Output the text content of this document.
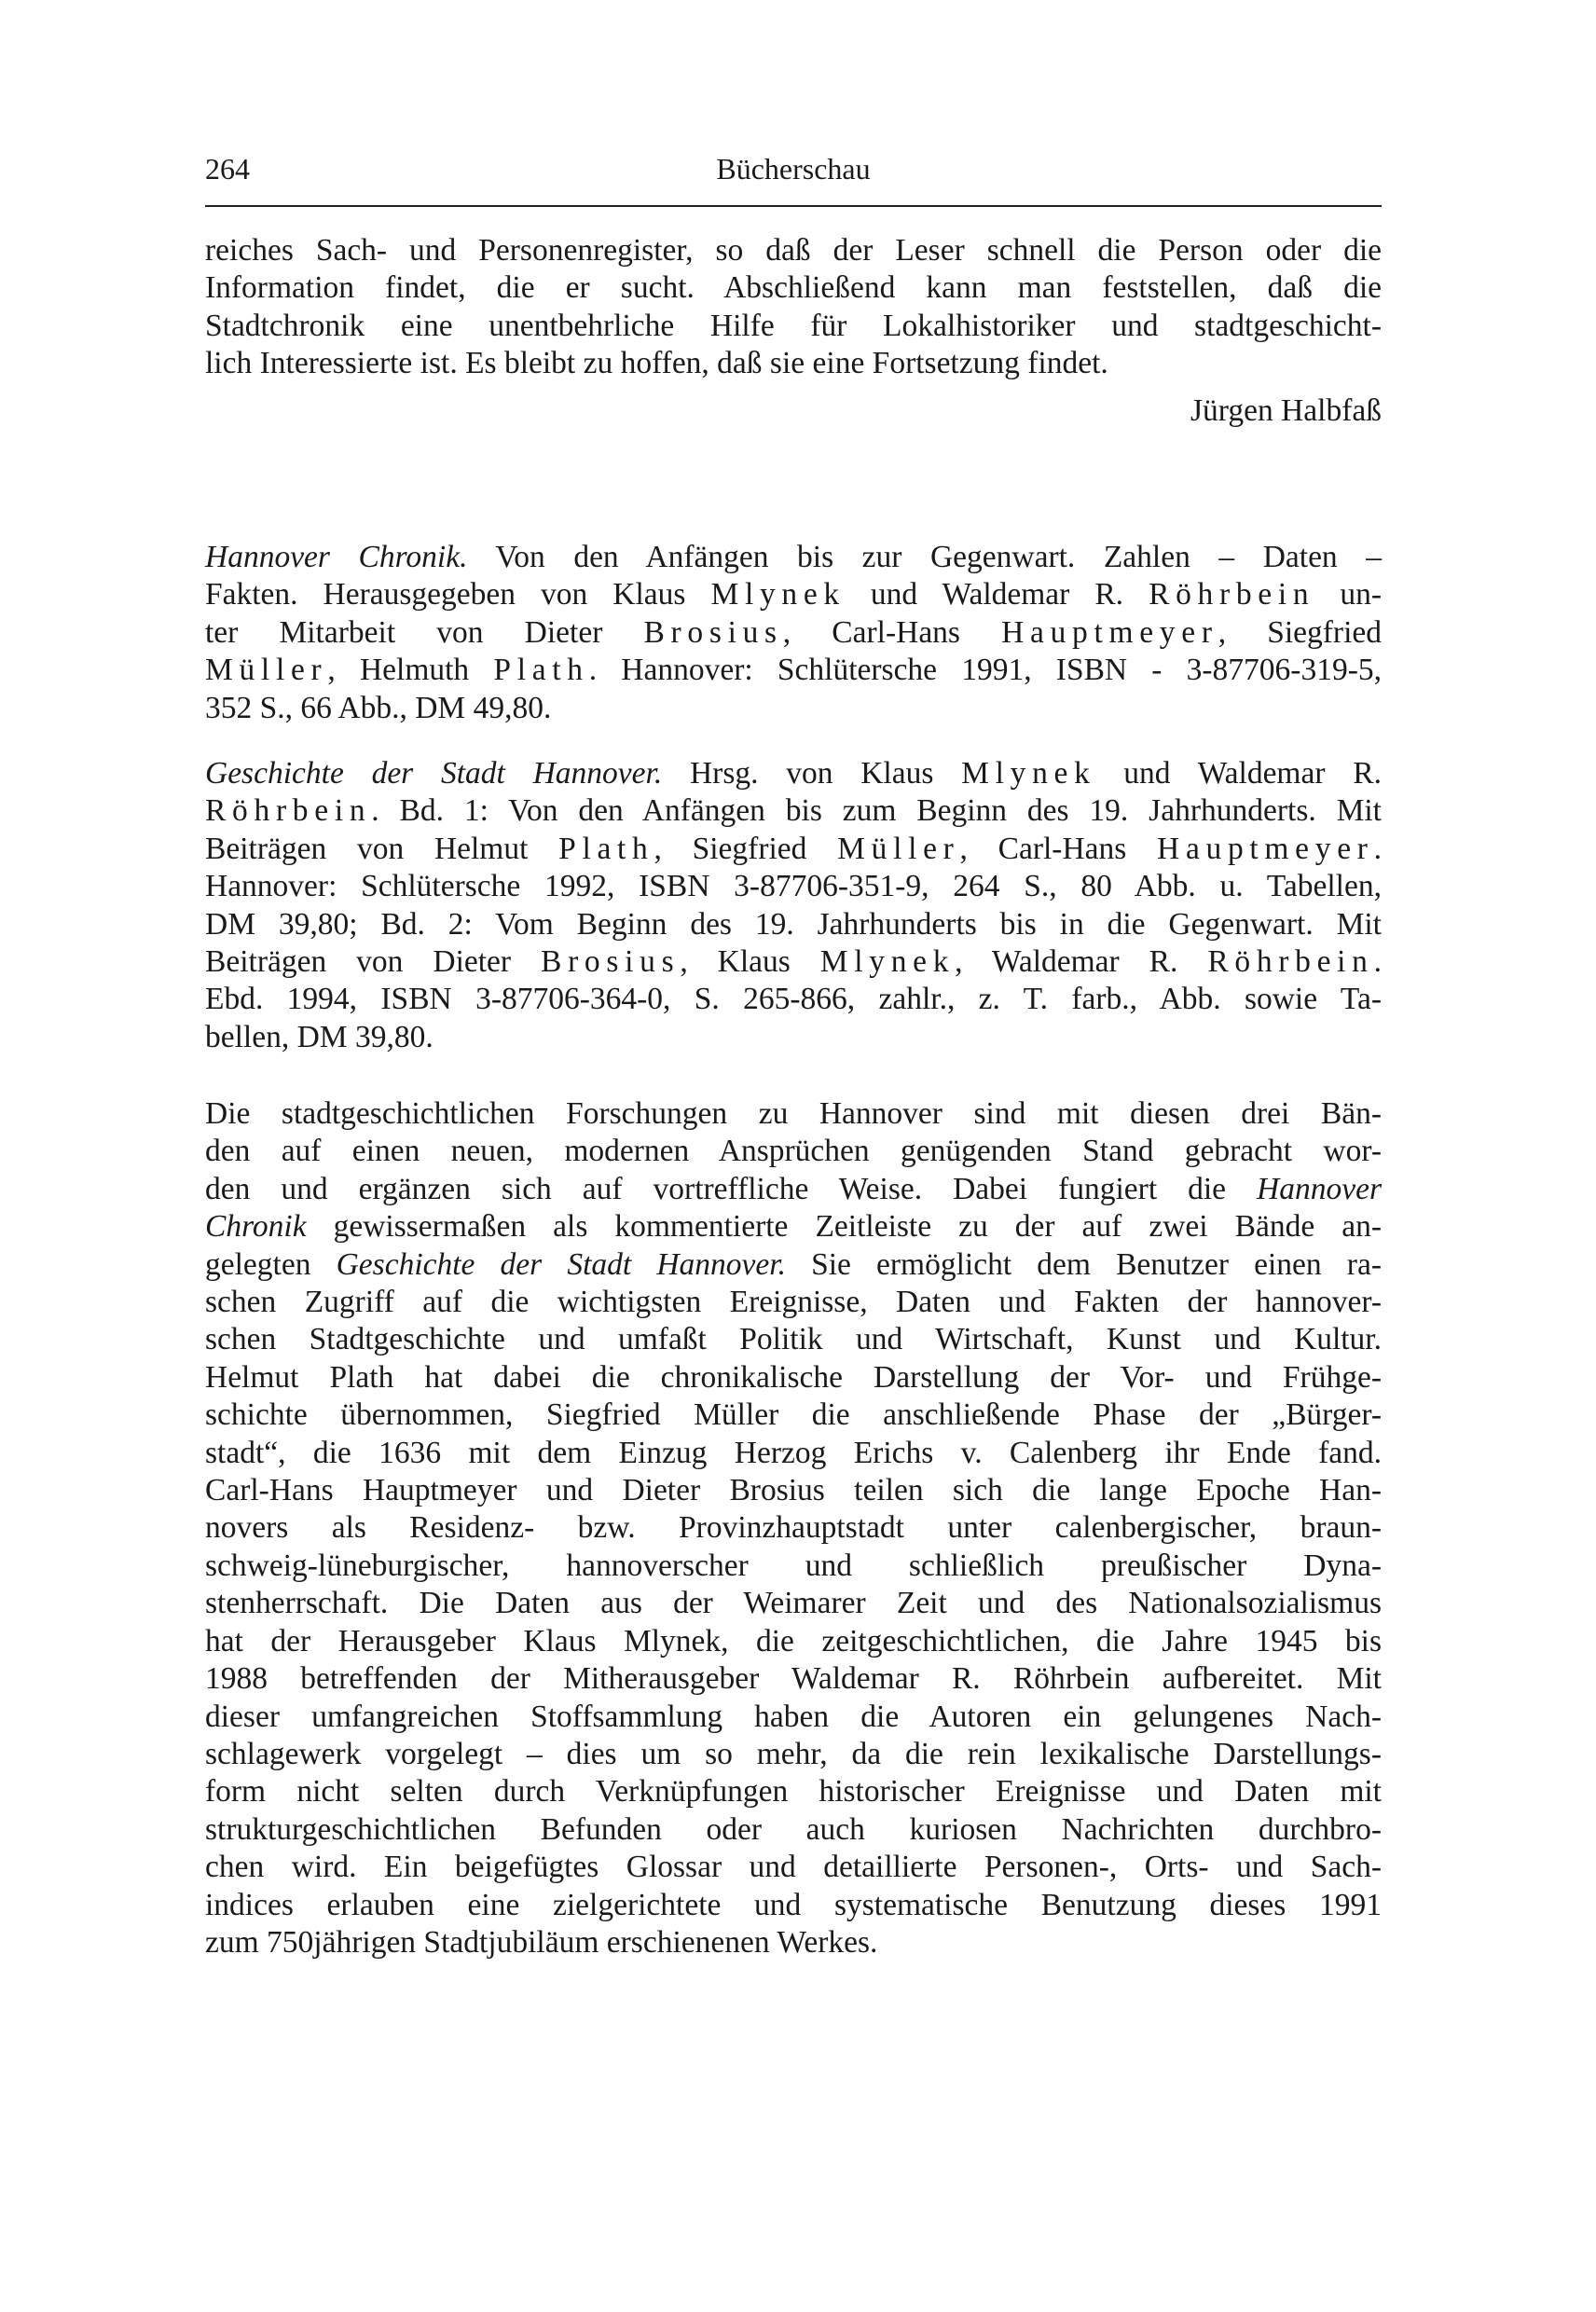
264	Bücherschau
reiches Sach- und Personenregister, so daß der Leser schnell die Person oder die
Information findet, die er sucht. Abschließend kann man feststellen, daß die
Stadtchronik eine unentbehrliche Hilfe für Lokalhistoriker und stadtgeschicht-
lich Interessierte ist. Es bleibt zu hoffen, daß sie eine Fortsetzung findet.
Jürgen Halbfaß
Hannover Chronik. Von den Anfängen bis zur Gegenwart. Zahlen – Daten –
Fakten. Herausgegeben von Klaus Mlynek und Waldemar R. Röhrbein un-
ter Mitarbeit von Dieter Brosius, Carl-Hans Hauptmeyer, Siegfried
Müller, Helmuth Plath. Hannover: Schlütersche 1991, ISBN - 3-87706-319-5,
352 S., 66 Abb., DM 49,80.
Geschichte der Stadt Hannover. Hrsg. von Klaus Mlynek und Waldemar R.
Röhrbein. Bd. 1: Von den Anfängen bis zum Beginn des 19. Jahrhunderts. Mit
Beiträgen von Helmut Plath, Siegfried Müller, Carl-Hans Hauptmeyer.
Hannover: Schlütersche 1992, ISBN 3-87706-351-9, 264 S., 80 Abb. u. Tabellen,
DM 39,80; Bd. 2: Vom Beginn des 19. Jahrhunderts bis in die Gegenwart. Mit
Beiträgen von Dieter Brosius, Klaus Mlynek, Waldemar R. Röhrbein.
Ebd. 1994, ISBN 3-87706-364-0, S. 265-866, zahlr., z. T. farb., Abb. sowie Ta-
bellen, DM 39,80.
Die stadtgeschichtlichen Forschungen zu Hannover sind mit diesen drei Bän-
den auf einen neuen, modernen Ansprüchen genügenden Stand gebracht wor-
den und ergänzen sich auf vortreffliche Weise. Dabei fungiert die Hannover
Chronik gewissermaßen als kommentierte Zeitleiste zu der auf zwei Bände an-
gelegten Geschichte der Stadt Hannover. Sie ermöglicht dem Benutzer einen ra-
schen Zugriff auf die wichtigsten Ereignisse, Daten und Fakten der hannover-
schen Stadtgeschichte und umfaßt Politik und Wirtschaft, Kunst und Kultur.
Helmut Plath hat dabei die chronikalische Darstellung der Vor- und Frühge-
schichte übernommen, Siegfried Müller die anschließende Phase der „Bürger-
stadt“, die 1636 mit dem Einzug Herzog Erichs v. Calenberg ihr Ende fand.
Carl-Hans Hauptmeyer und Dieter Brosius teilen sich die lange Epoche Han-
novers als Residenz- bzw. Provinzhauptstadt unter calenbergischer, braun-
schweig-lüneburgischer, hannoverscher und schließlich preußischer Dyna-
stenherrschaft. Die Daten aus der Weimarer Zeit und des Nationalsozialismus
hat der Herausgeber Klaus Mlynek, die zeitgeschichtlichen, die Jahre 1945 bis
1988 betreffenden der Mitherausgeber Waldemar R. Röhrbein aufbereitet. Mit
dieser umfangreichen Stoffsammlung haben die Autoren ein gelungenes Nach-
schlagewerk vorgelegt – dies um so mehr, da die rein lexikalische Darstellungs-
form nicht selten durch Verknüpfungen historischer Ereignisse und Daten mit
strukturgeschichtlichen Befunden oder auch kuriosen Nachrichten durchbro-
chen wird. Ein beigefügtes Glossar und detaillierte Personen-, Orts- und Sach-
indices erlauben eine zielgerichtete und systematische Benutzung dieses 1991
zum 750jährigen Stadtjubiläum erschienenen Werkes.
